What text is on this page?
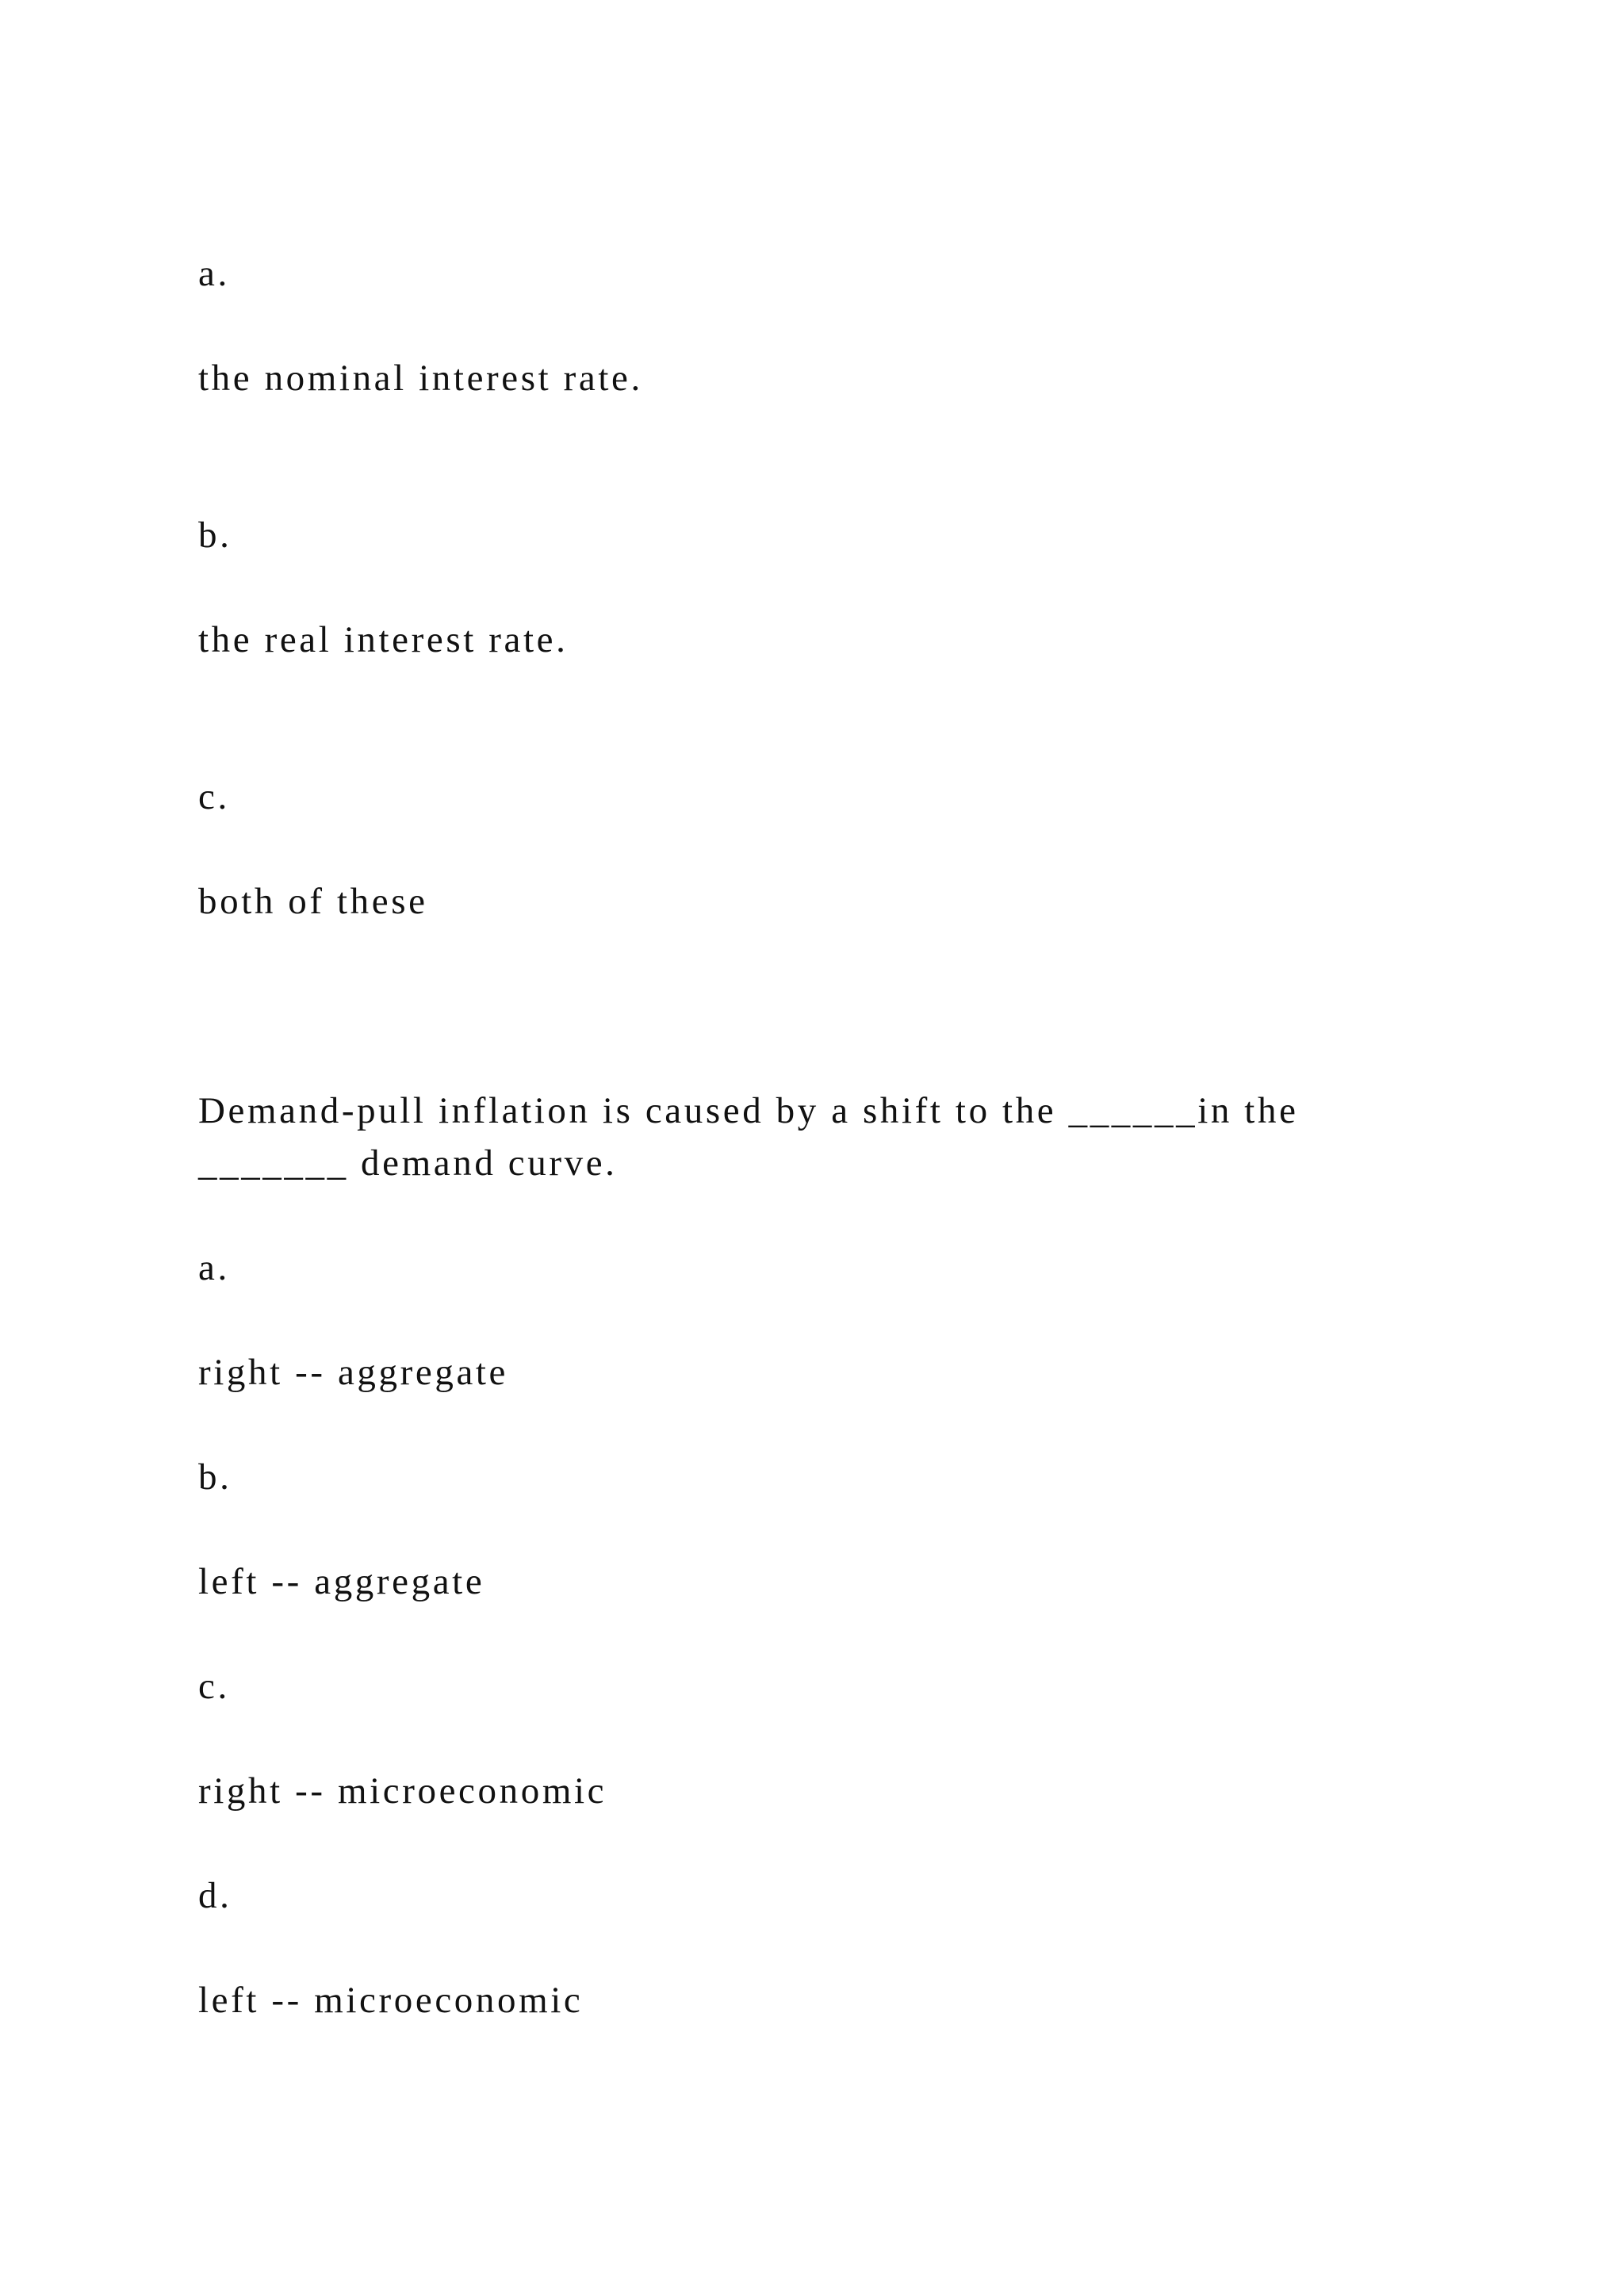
a.

the nominal interest rate.

b.

the real interest rate.

c.

both of these

Demand-pull inflation is caused by a shift to the ______in the

_______ demand curve.

a.

right -- aggregate

b.

left -- aggregate

c.

right -- microeconomic

d.

left -- microeconomic
